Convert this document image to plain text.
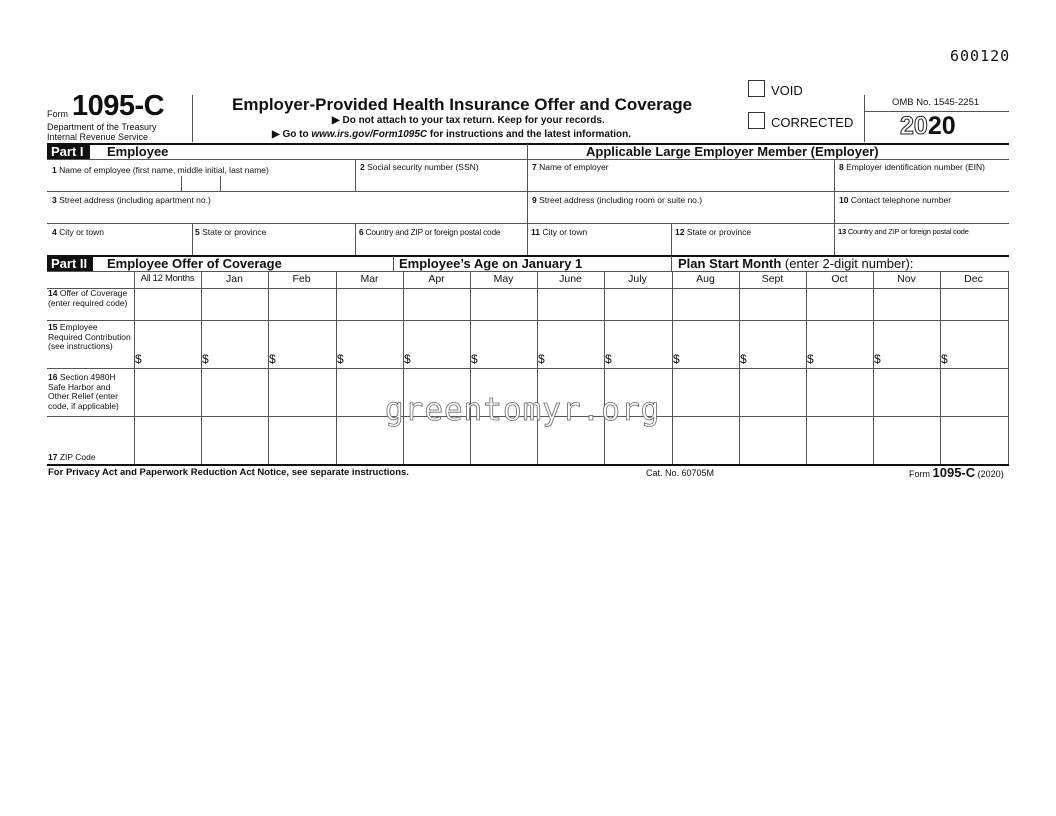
600120
Form 1095-C
Department of the Treasury
Internal Revenue Service
Employer-Provided Health Insurance Offer and Coverage
▶ Do not attach to your tax return. Keep for your records.
▶ Go to www.irs.gov/Form1095C for instructions and the latest information.
VOID
CORRECTED
OMB No. 1545-2251
2020
Part I	Employee	Applicable Large Employer Member (Employer)
1 Name of employee (first name, middle initial, last name)	2 Social security number (SSN)	7 Name of employer	8 Employer identification number (EIN)
3 Street address (including apartment no.)	9 Street address (including room or suite no.)	10 Contact telephone number
4 City or town	5 State or province	6 Country and ZIP or foreign postal code	11 City or town	12 State or province	13 Country and ZIP or foreign postal code
Part II	Employee Offer of Coverage	Employee’s Age on January 1	Plan Start Month (enter 2-digit number):
All 12 Months	Jan	Feb	Mar	Apr	May	June	July	Aug	Sept	Oct	Nov	Dec
14 Offer of Coverage (enter required code)
15 Employee Required Contribution (see instructions)
$	$	$	$	$	$	$	$	$	$	$	$	$
16 Section 4980H Safe Harbor and Other Relief (enter code, if applicable)
17 ZIP Code
greentomyr.org
For Privacy Act and Paperwork Reduction Act Notice, see separate instructions.	Cat. No. 60705M	Form 1095-C (2020)
